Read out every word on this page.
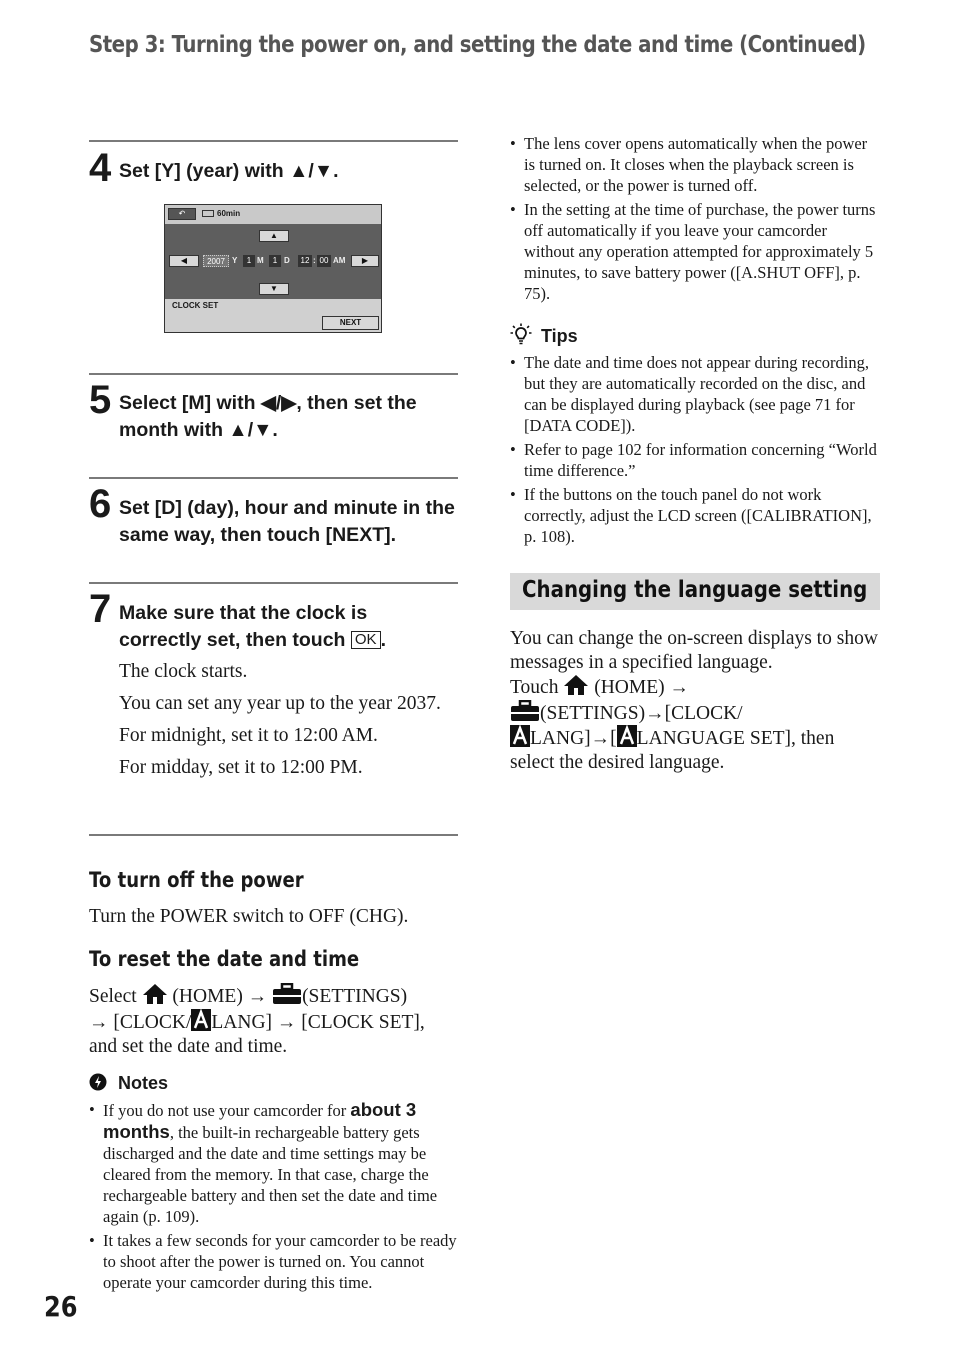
Step 3: Turning the power on, and setting the date and time (Continued)
4 Set [Y] (year) with ▲/▼.
↶	60min
▲
◀	2007 Y	1 M	1 D	12 : 00 AM	▶
▼
CLOCK SET
NEXT
5 Select [M] with ◀/▶, then set the month with ▲/▼.
6 Set [D] (day), hour and minute in the same way, then touch [NEXT].
7 Make sure that the clock is correctly set, then touch OK .
The clock starts.
You can set any year up to the year 2037.
For midnight, set it to 12:00 AM.
For midday, set it to 12:00 PM.
To turn off the power
Turn the POWER switch to OFF (CHG).
To reset the date and time
Select (HOME) → (SETTINGS)
→ [CLOCK/ LANG] → [CLOCK SET],
and set the date and time.
Notes
• If you do not use your camcorder for about 3 months, the built-in rechargeable battery gets discharged and the date and time settings may be cleared from the memory. In that case, charge the rechargeable battery and then set the date and time again (p. 109).
• It takes a few seconds for your camcorder to be ready to shoot after the power is turned on. You cannot operate your camcorder during this time.
26
• The lens cover opens automatically when the power is turned on. It closes when the playback screen is selected, or the power is turned off.
• In the setting at the time of purchase, the power turns off automatically if you leave your camcorder without any operation attempted for approximately 5 minutes, to save battery power ([A.SHUT OFF], p. 75).
Tips
• The date and time does not appear during recording, but they are automatically recorded on the disc, and can be displayed during playback (see page 71 for [DATA CODE]).
• Refer to page 102 for information concerning “World time difference.”
• If the buttons on the touch panel do not work correctly, adjust the LCD screen ([CALIBRATION], p. 108).
Changing the language setting
You can change the on-screen displays to show messages in a specified language.
Touch (HOME) →
(SETTINGS)→[CLOCK/
LANG]→[ LANGUAGE SET], then select the desired language.
